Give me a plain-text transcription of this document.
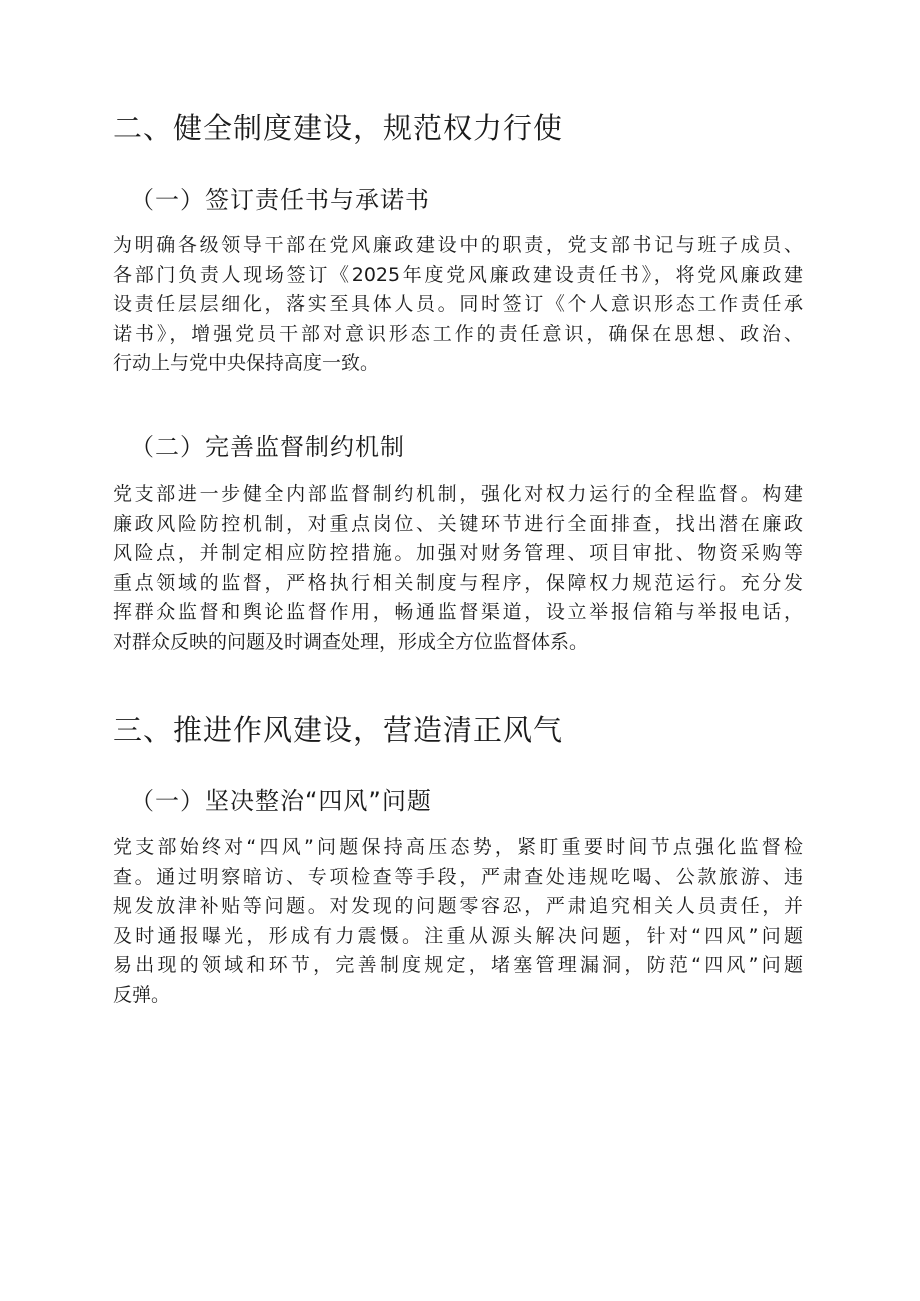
二、健全制度建设，规范权力行使
（一）签订责任书与承诺书
为明确各级领导干部在党风廉政建设中的职责，党支部书记与班子成员、
各部门负责人现场签订《2025年度党风廉政建设责任书》，将党风廉政建
设责任层层细化，落实至具体人员。同时签订《个人意识形态工作责任承
诺书》，增强党员干部对意识形态工作的责任意识，确保在思想、政治、
行动上与党中央保持高度一致。
（二）完善监督制约机制
党支部进一步健全内部监督制约机制，强化对权力运行的全程监督。构建
廉政风险防控机制，对重点岗位、关键环节进行全面排查，找出潜在廉政
风险点，并制定相应防控措施。加强对财务管理、项目审批、物资采购等
重点领域的监督，严格执行相关制度与程序，保障权力规范运行。充分发
挥群众监督和舆论监督作用，畅通监督渠道，设立举报信箱与举报电话，
对群众反映的问题及时调查处理，形成全方位监督体系。
三、推进作风建设，营造清正风气
（一）坚决整治“四风”问题
党支部始终对“四风”问题保持高压态势，紧盯重要时间节点强化监督检
查。通过明察暗访、专项检查等手段，严肃查处违规吃喝、公款旅游、违
规发放津补贴等问题。对发现的问题零容忍，严肃追究相关人员责任，并
及时通报曝光，形成有力震慑。注重从源头解决问题，针对“四风”问题
易出现的领域和环节，完善制度规定，堵塞管理漏洞，防范“四风”问题
反弹。
